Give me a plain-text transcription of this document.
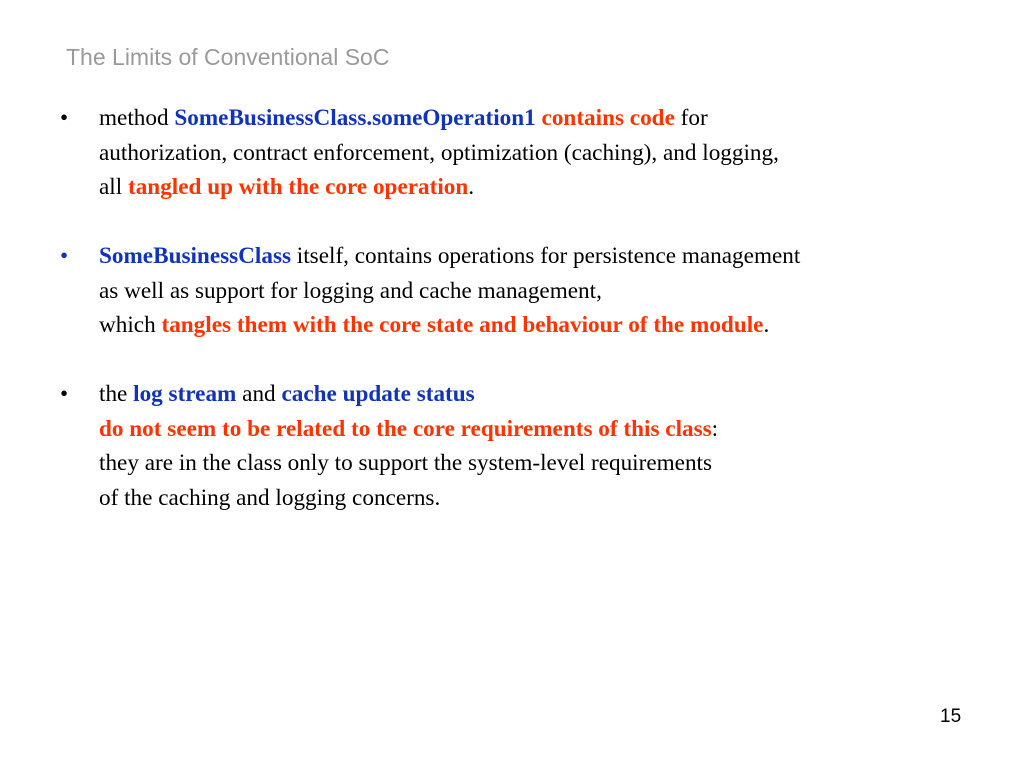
The Limits of Conventional SoC
•	method SomeBusinessClass.someOperation1 contains code for
authorization, contract enforcement, optimization (caching), and logging,
all tangled up with the core operation.
•	SomeBusinessClass itself, contains operations for persistence management
as well as support for logging and cache management,
which tangles them with the core state and behaviour of the module.
•	the log stream and cache update status
do not seem to be related to the core requirements of this class:
they are in the class only to support the system-level requirements
of the caching and logging concerns.
15
